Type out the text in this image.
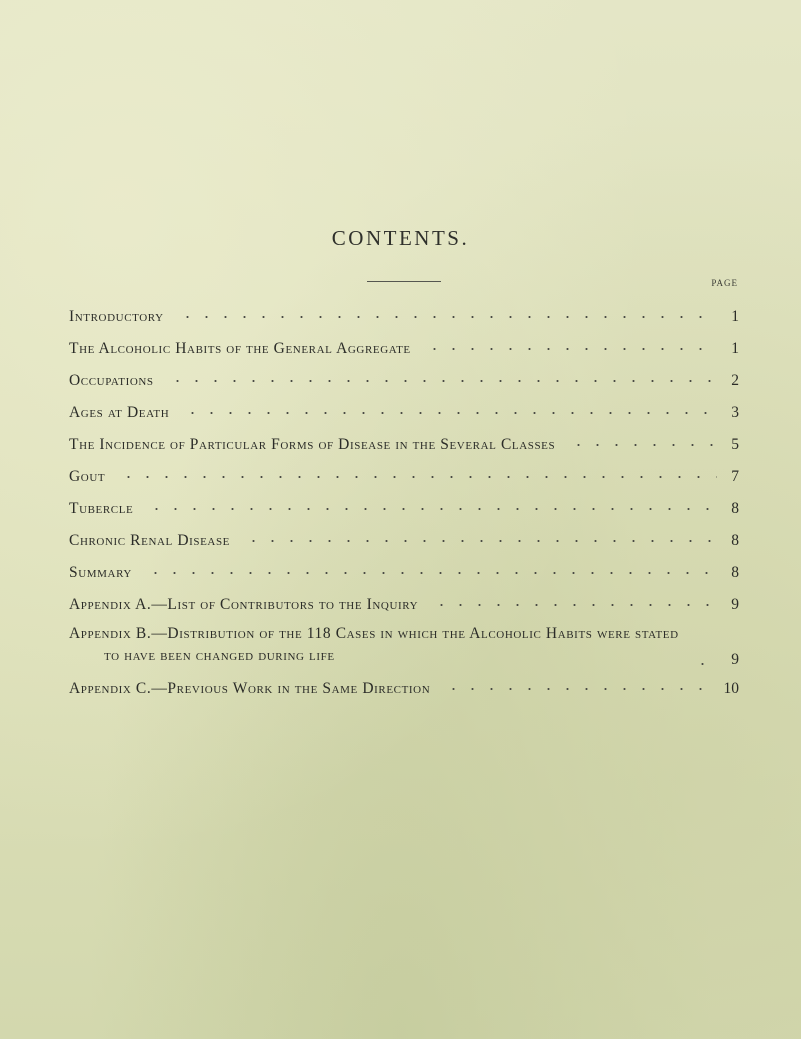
CONTENTS.
PAGE
Introductory	1
The Alcoholic Habits of the General Aggregate	1
Occupations	2
Ages at Death	3
The Incidence of Particular Forms of Disease in the Several Classes	5
Gout	7
Tubercle	8
Chronic Renal Disease	8
Summary	8
Appendix A.—List of Contributors to the Inquiry	9
Appendix B.—Distribution of the 118 Cases in which the Alcoholic Habits were stated
to have been changed during life	9
Appendix C.—Previous Work in the Same Direction	10
